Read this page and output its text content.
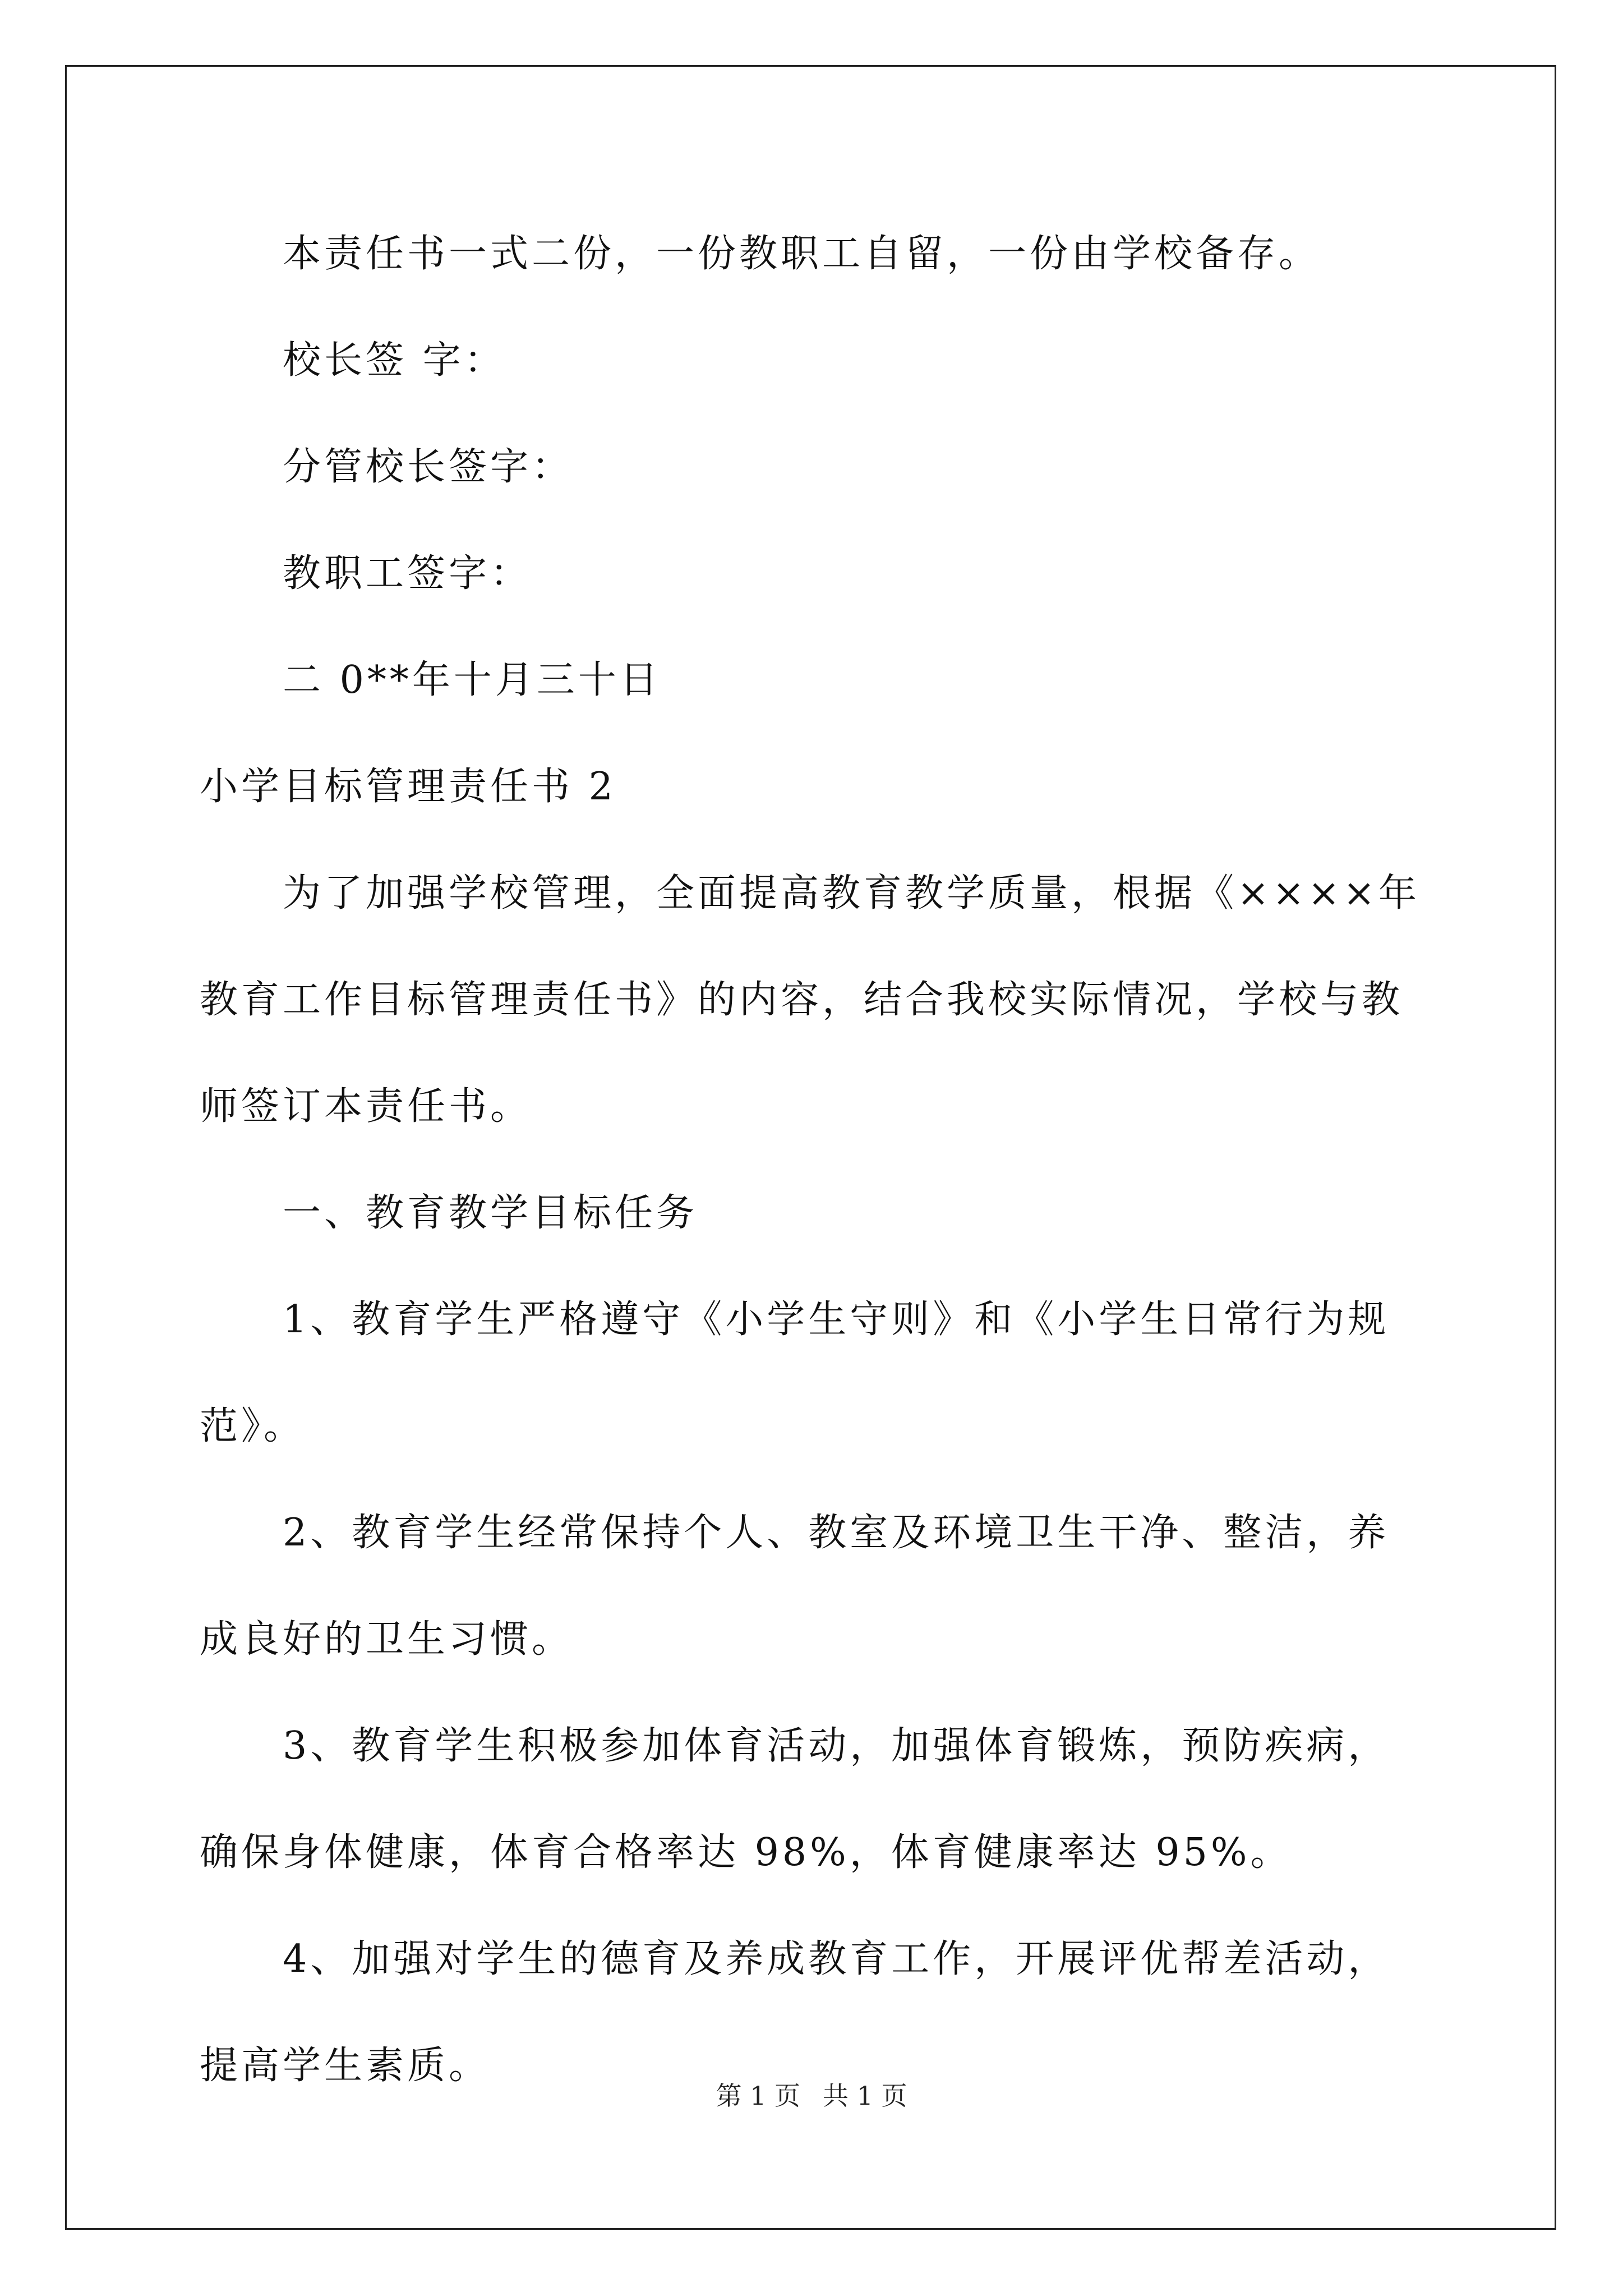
本责任书一式二份，一份教职工自留，一份由学校备存。

校长签 字：

分管校长签字：

教职工签字：

二 0**年十月三十日

小学目标管理责任书 2

为了加强学校管理，全面提高教育教学质量，根据《××××年教育工作目标管理责任书》的内容，结合我校实际情况，学校与教师签订本责任书。

一、教育教学目标任务

1、教育学生严格遵守《小学生守则》和《小学生日常行为规范》。

2、教育学生经常保持个人、教室及环境卫生干净、整洁，养成良好的卫生习惯。

3、教育学生积极参加体育活动，加强体育锻炼，预防疾病，确保身体健康，体育合格率达 98%，体育健康率达 95%。

4、加强对学生的德育及养成教育工作，开展评优帮差活动，提高学生素质。

第 1 页 共 1 页
